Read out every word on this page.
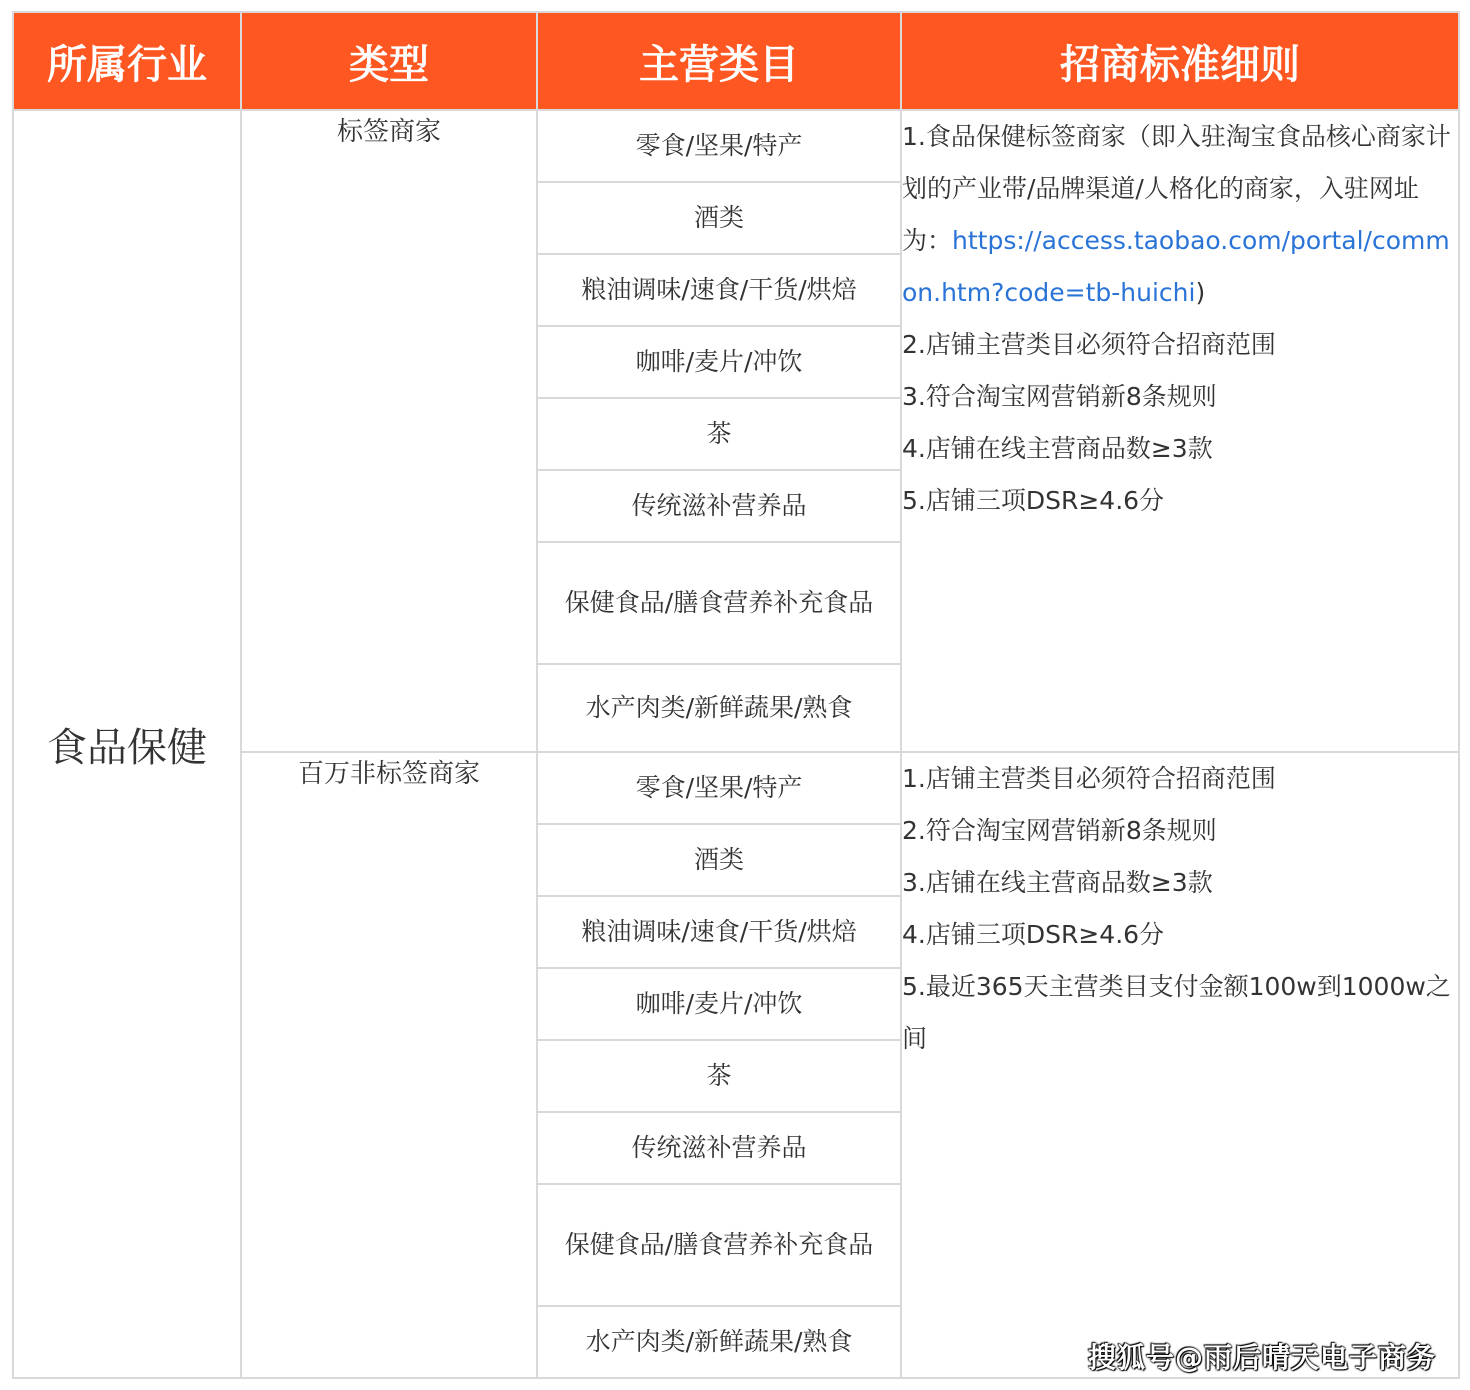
所属行业	类型	主营类目	招商标准细则
食品保健	标签商家	零食/坚果/特产	1.食品保健标签商家（即入驻淘宝食品核心商家计划的产业带/品牌渠道/人格化的商家，入驻网址为：https://access.taobao.com/portal/common.htm?code=tb-huichi)
2.店铺主营类目必须符合招商范围
3.符合淘宝网营销新8条规则
4.店铺在线主营商品数≥3款
5.店铺三项DSR≥4.6分

		酒类	
		粮油调味/速食/干货/烘焙	
		咖啡/麦片/冲饮	
		茶	
		传统滋补营养品	
		保健食品/膳食营养补充食品	
		水产肉类/新鲜蔬果/熟食	
	百万非标签商家	零食/坚果/特产	1.店铺主营类目必须符合招商范围
2.符合淘宝网营销新8条规则
3.店铺在线主营商品数≥3款
4.店铺三项DSR≥4.6分
5.最近365天主营类目支付金额100w到1000w之间

		酒类	
		粮油调味/速食/干货/烘焙	
		咖啡/麦片/冲饮	
		茶	
		传统滋补营养品	
		保健食品/膳食营养补充食品	
		水产肉类/新鲜蔬果/熟食		搜狐号@雨后晴天电子商务
